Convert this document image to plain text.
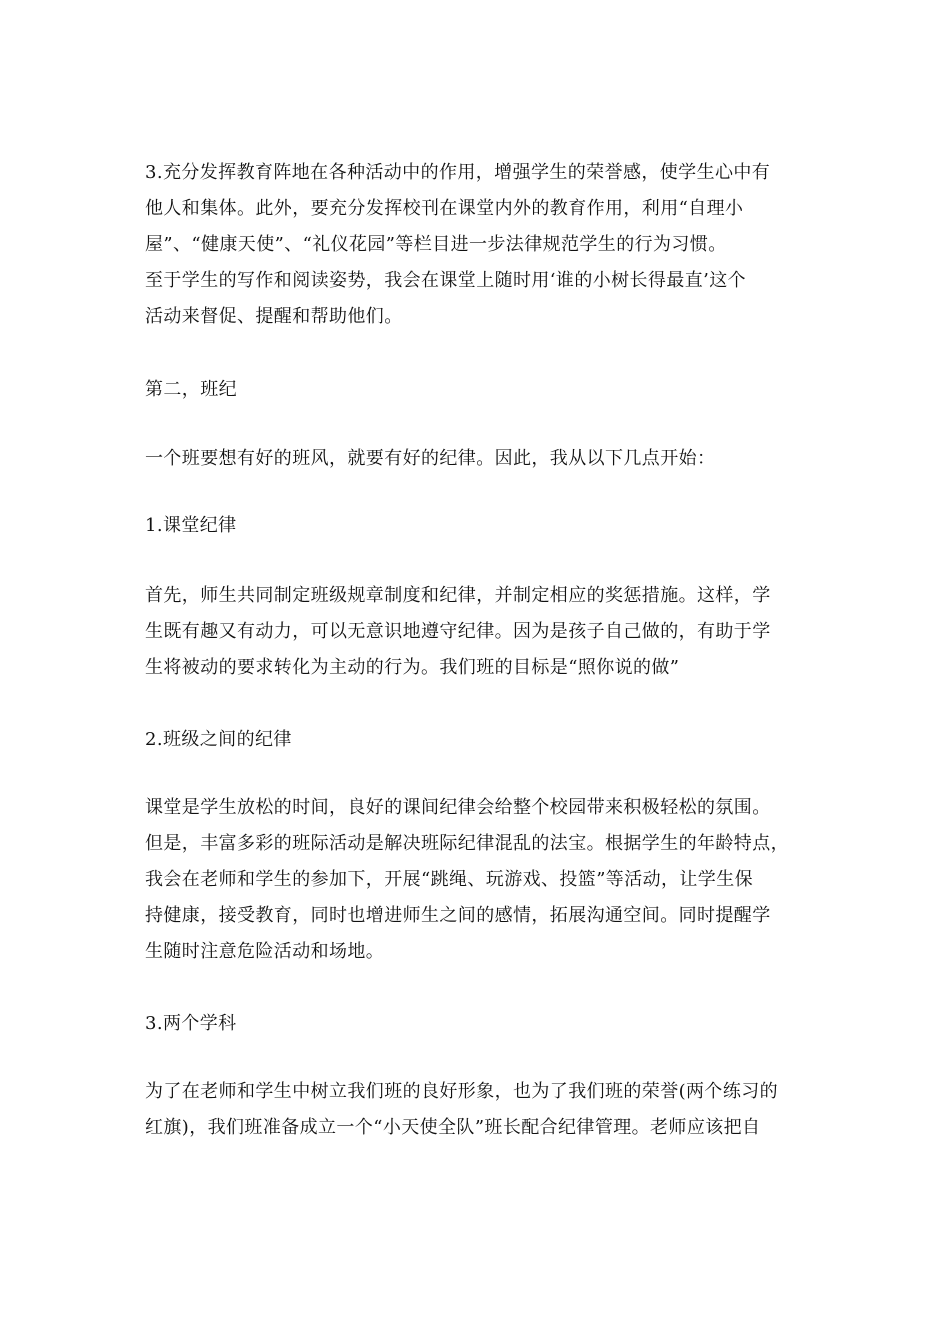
3.充分发挥教育阵地在各种活动中的作用，增强学生的荣誉感，使学生心中有
他人和集体。此外，要充分发挥校刊在课堂内外的教育作用，利用“自理小
屋”、“健康天使”、“礼仪花园”等栏目进一步法律规范学生的行为习惯。
至于学生的写作和阅读姿势，我会在课堂上随时用‘谁的小树长得最直’这个
活动来督促、提醒和帮助他们。
第二，班纪
一个班要想有好的班风，就要有好的纪律。因此，我从以下几点开始：
1.课堂纪律
首先，师生共同制定班级规章制度和纪律，并制定相应的奖惩措施。这样，学
生既有趣又有动力，可以无意识地遵守纪律。因为是孩子自己做的，有助于学
生将被动的要求转化为主动的行为。我们班的目标是“照你说的做”
2.班级之间的纪律
课堂是学生放松的时间，良好的课间纪律会给整个校园带来积极轻松的氛围。
但是，丰富多彩的班际活动是解决班际纪律混乱的法宝。根据学生的年龄特点，
我会在老师和学生的参加下，开展“跳绳、玩游戏、投篮”等活动，让学生保
持健康，接受教育，同时也增进师生之间的感情，拓展沟通空间。同时提醒学
生随时注意危险活动和场地。
3.两个学科
为了在老师和学生中树立我们班的良好形象，也为了我们班的荣誉(两个练习的
红旗)，我们班准备成立一个“小天使全队”班长配合纪律管理。老师应该把自
